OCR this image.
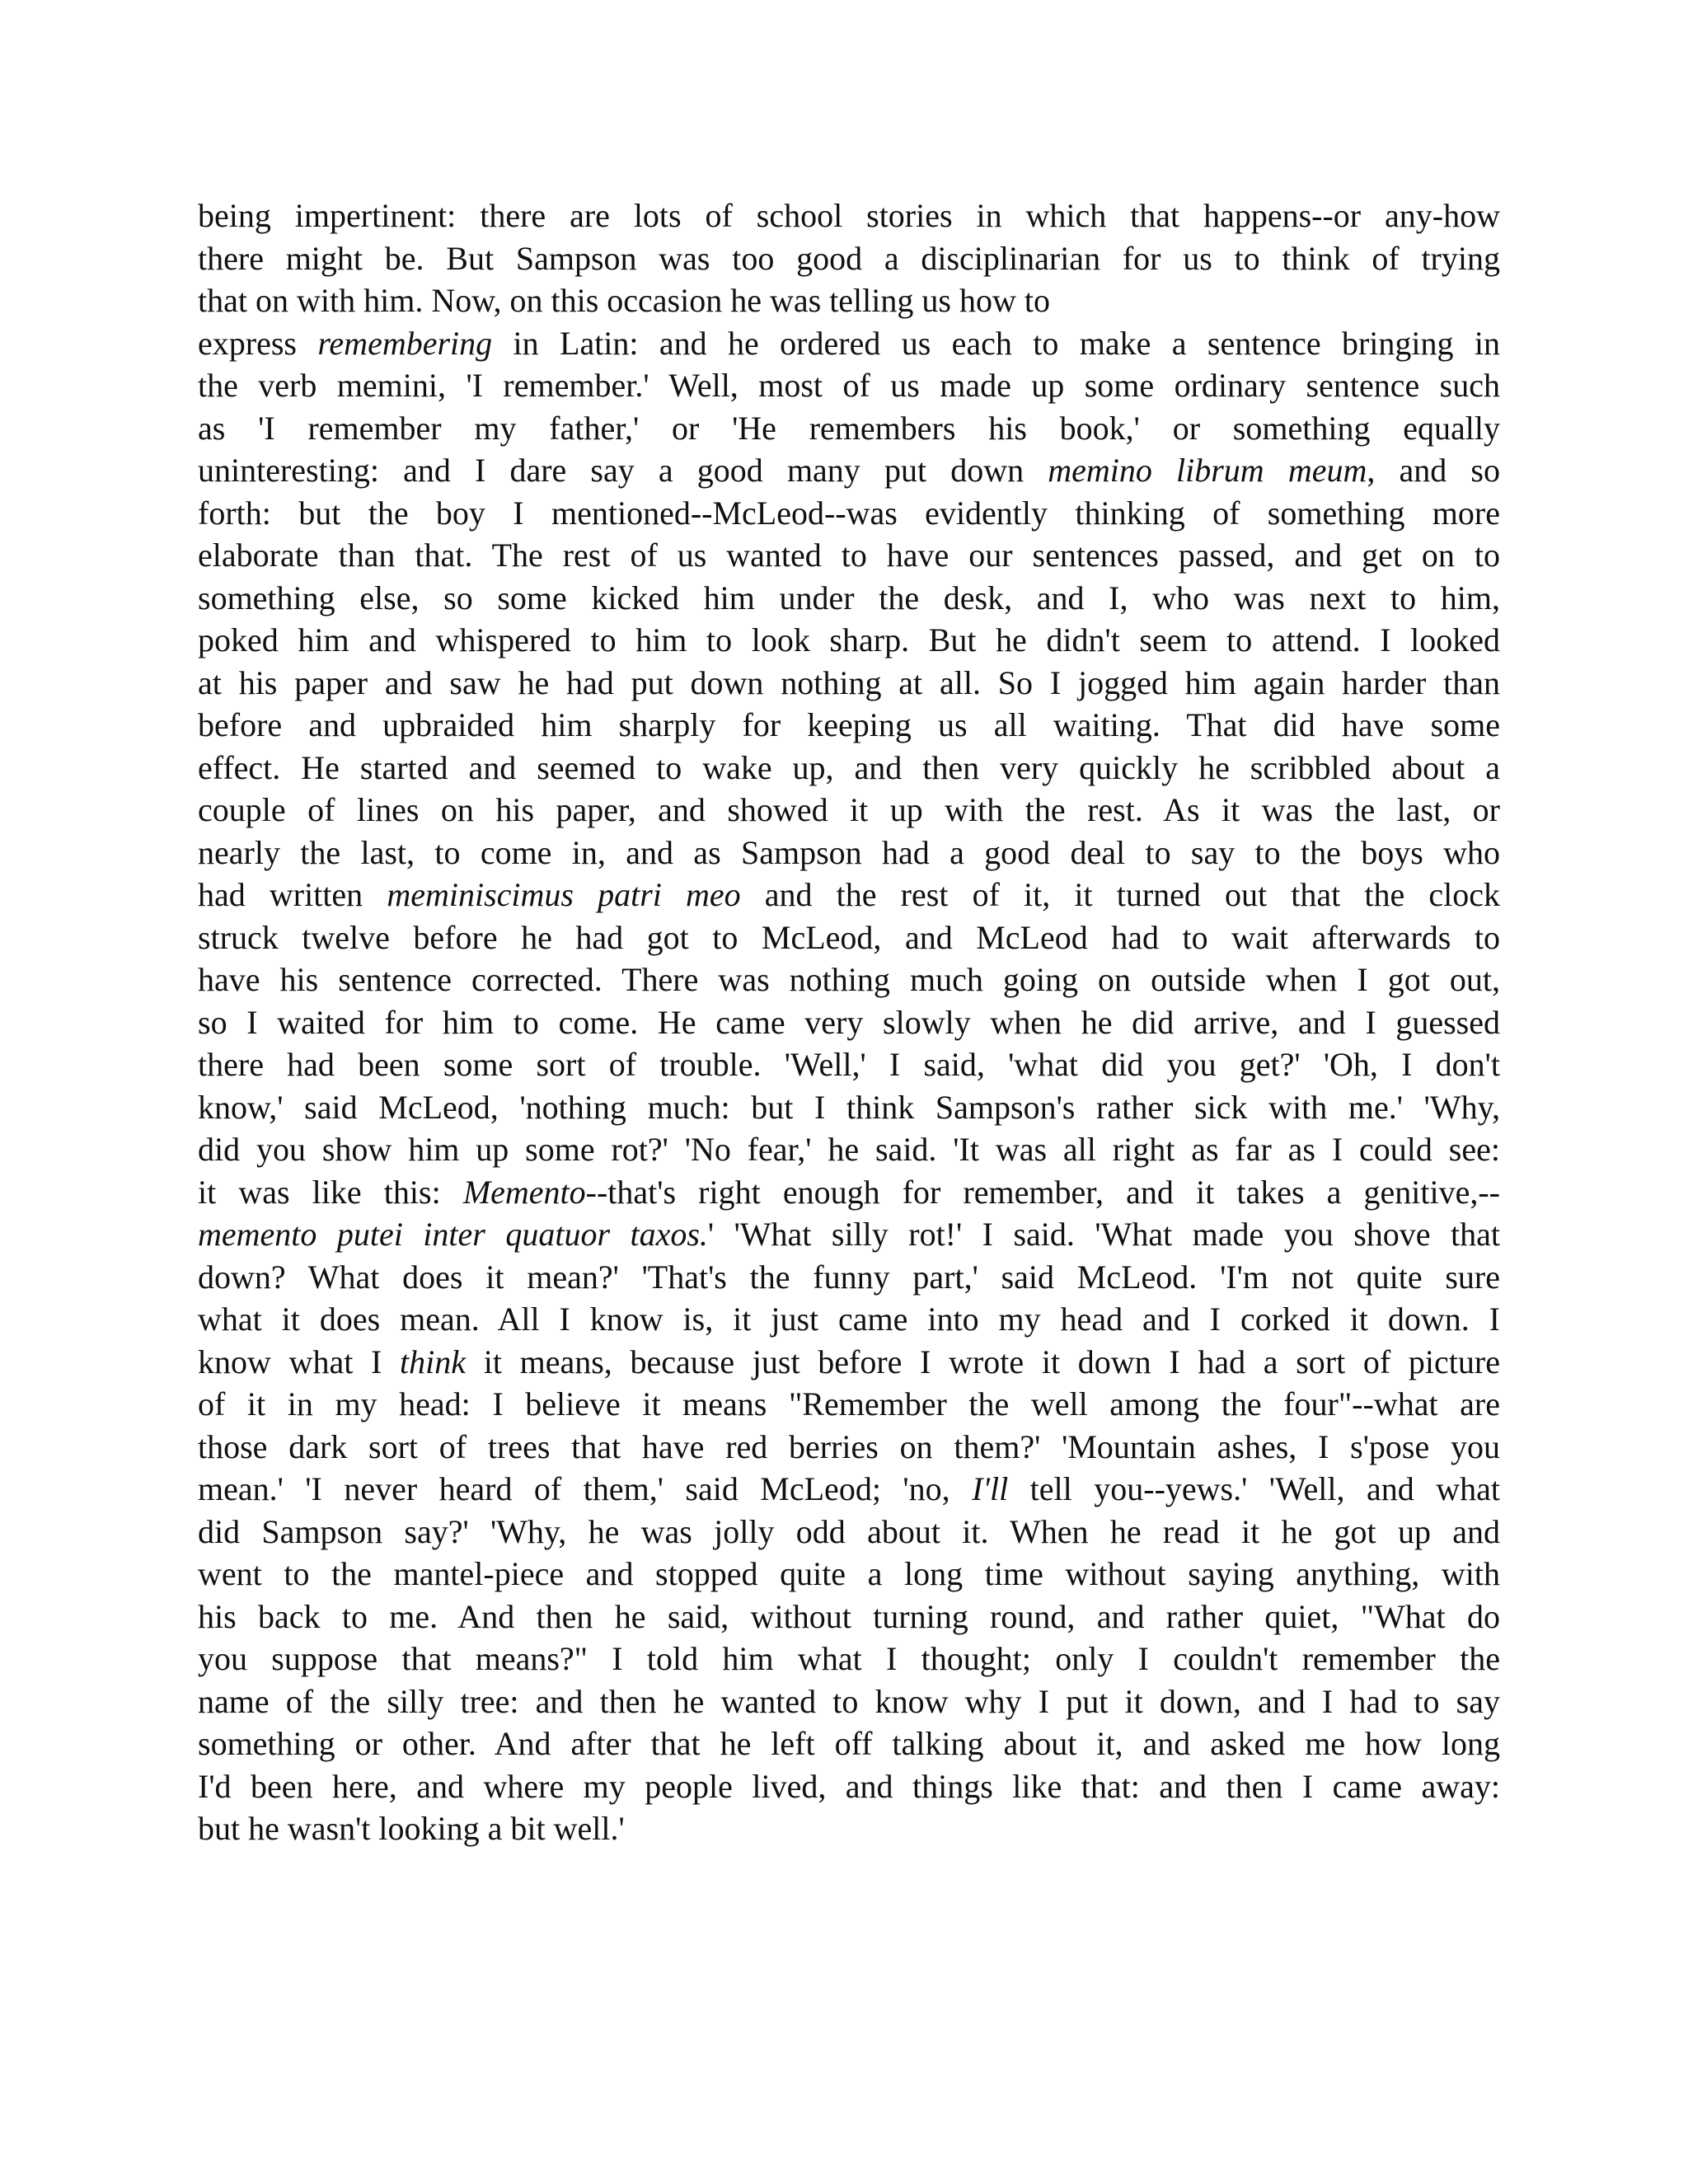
being impertinent: there are lots of school stories in which that happens--or any-how
there might be. But Sampson was too good a disciplinarian for us to think of trying
that on with him. Now, on this occasion he was telling us how to
express remembering in Latin: and he ordered us each to make a sentence bringing in
the verb memini, 'I remember.' Well, most of us made up some ordinary sentence such
as 'I remember my father,' or 'He remembers his book,' or something equally
uninteresting: and I dare say a good many put down memino librum meum, and so
forth: but the boy I mentioned--McLeod--was evidently thinking of something more
elaborate than that. The rest of us wanted to have our sentences passed, and get on to
something else, so some kicked him under the desk, and I, who was next to him,
poked him and whispered to him to look sharp. But he didn't seem to attend. I looked
at his paper and saw he had put down nothing at all. So I jogged him again harder than
before and upbraided him sharply for keeping us all waiting. That did have some
effect. He started and seemed to wake up, and then very quickly he scribbled about a
couple of lines on his paper, and showed it up with the rest. As it was the last, or
nearly the last, to come in, and as Sampson had a good deal to say to the boys who
had written meminiscimus patri meo and the rest of it, it turned out that the clock
struck twelve before he had got to McLeod, and McLeod had to wait afterwards to
have his sentence corrected. There was nothing much going on outside when I got out,
so I waited for him to come. He came very slowly when he did arrive, and I guessed
there had been some sort of trouble. 'Well,' I said, 'what did you get?' 'Oh, I don't
know,' said McLeod, 'nothing much: but I think Sampson's rather sick with me.' 'Why,
did you show him up some rot?' 'No fear,' he said. 'It was all right as far as I could see:
it was like this: Memento--that's right enough for remember, and it takes a genitive,--
memento putei inter quatuor taxos.' 'What silly rot!' I said. 'What made you shove that
down? What does it mean?' 'That's the funny part,' said McLeod. 'I'm not quite sure
what it does mean. All I know is, it just came into my head and I corked it down. I
know what I think it means, because just before I wrote it down I had a sort of picture
of it in my head: I believe it means "Remember the well among the four"--what are
those dark sort of trees that have red berries on them?' 'Mountain ashes, I s'pose you
mean.' 'I never heard of them,' said McLeod; 'no, I'll tell you--yews.' 'Well, and what
did Sampson say?' 'Why, he was jolly odd about it. When he read it he got up and
went to the mantel-piece and stopped quite a long time without saying anything, with
his back to me. And then he said, without turning round, and rather quiet, "What do
you suppose that means?" I told him what I thought; only I couldn't remember the
name of the silly tree: and then he wanted to know why I put it down, and I had to say
something or other. And after that he left off talking about it, and asked me how long
I'd been here, and where my people lived, and things like that: and then I came away:
but he wasn't looking a bit well.'
